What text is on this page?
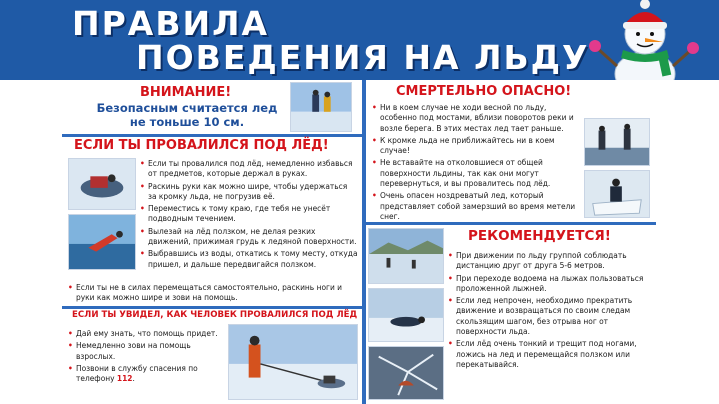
ПРАВИЛА
ПОВЕДЕНИЯ НА ЛЬДУ
ВНИМАНИЕ!
Безопасным считается лед
не тоньше 10 см.
ЕСЛИ ТЫ ПРОВАЛИЛСЯ ПОД ЛЁД!
• Если ты провалился под лёд, немедленно избавься от предметов, которые держал в руках.
• Раскинь руки как можно шире, чтобы удержаться за кромку льда, не погрузив её.
• Переместись к тому краю, где тебя не унесёт подводным течением.
• Вылезай на лёд ползком, не делая резких движений, прижимая грудь к ледяной поверхности.
• Выбравшись из воды, откатись к тому месту, откуда пришел, и дальше передвигайся ползком.
• Если ты не в силах перемещаться самостоятельно, раскинь ноги и руки как можно шире и зови на помощь.
ЕСЛИ ТЫ УВИДЕЛ, КАК ЧЕЛОВЕК ПРОВАЛИЛСЯ ПОД ЛЁД
• Дай ему знать, что помощь придет.
• Немедленно зови на помощь взрослых.
• Позвони в службу спасения по телефону 112.
СМЕРТЕЛЬНО ОПАСНО!
• Ни в коем случае не ходи весной по льду, особенно под мостами, вблизи поворотов реки и возле берега. В этих местах лед тает раньше.
• К кромке льда не приближайтесь ни в коем случае!
• Не вставайте на отколовшиеся от общей поверхности льдины, так как они могут перевернуться, и вы провалитесь под лёд.
• Очень опасен ноздреватый лед, который представляет собой замерзший во время метели снег.
РЕКОМЕНДУЕТСЯ!
• При движении по льду группой соблюдать дистанцию друг от друга 5-6 метров.
• При переходе водоема на лыжах пользоваться проложенной лыжней.
• Если лед непрочен, необходимо прекратить движение и возвращаться по своим следам скользящим шагом, без отрыва ног от поверхности льда.
• Если лёд очень тонкий и трещит под ногами, ложись на лед и перемещайся ползком или перекатывайся.
